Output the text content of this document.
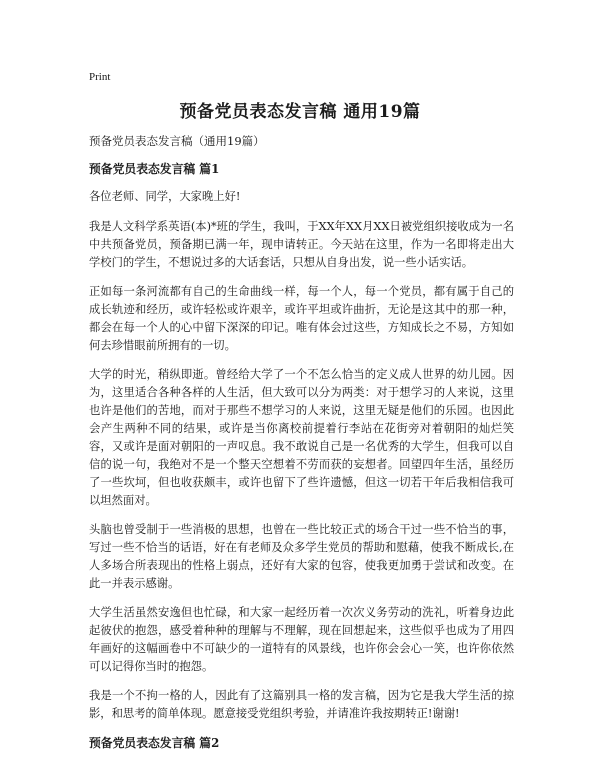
Print
预备党员表态发言稿 通用19篇
预备党员表态发言稿（通用19篇）
预备党员表态发言稿 篇1

各位老师、同学，大家晚上好!

我是人文科学系英语(本)*班的学生，我叫，于XX年XX月XX日被党组织接收成为一名中共预备党员，预备期已满一年，现申请转正。今天站在这里，作为一名即将走出大学校门的学生，不想说过多的大话套话，只想从自身出发，说一些小话实话。

正如每一条河流都有自己的生命曲线一样，每一个人，每一个党员，都有属于自己的成长轨迹和经历，或许轻松或许艰辛，或许平坦或许曲折，无论是这其中的那一种，都会在每一个人的心中留下深深的印记。唯有体会过这些，方知成长之不易，方知如何去珍惜眼前所拥有的一切。

大学的时光，稍纵即逝。曾经给大学了一个不怎么恰当的定义成人世界的幼儿园。因为，这里适合各种各样的人生活，但大致可以分为两类：对于想学习的人来说，这里也许是他们的苦地，而对于那些不想学习的人来说，这里无疑是他们的乐园。也因此会产生两种不同的结果，或许是当你离校前提着行李站在花街旁对着朝阳的灿烂笑容，又或许是面对朝阳的一声叹息。我不敢说自己是一名优秀的大学生，但我可以自信的说一句，我绝对不是一个整天空想着不劳而获的妄想者。回望四年生活，虽经历了一些坎坷，但也收获颇丰，或许也留下了些许遗憾，但这一切若干年后我相信我可以坦然面对。

头脑也曾受制于一些消极的思想，也曾在一些比较正式的场合干过一些不恰当的事，写过一些不恰当的话语，好在有老师及众多学生党员的帮助和慰藉，使我不断成长,在人多场合所表现出的性格上弱点，还好有大家的包容，使我更加勇于尝试和改变。在此一并表示感谢。

大学生活虽然安逸但也忙碌，和大家一起经历着一次次义务劳动的洗礼，听着身边此起彼伏的抱怨，感受着种种的理解与不理解，现在回想起来，这些似乎也成为了用四年画好的这幅画卷中不可缺少的一道特有的风景线，也许你会会心一笑，也许你依然可以记得你当时的抱怨。

我是一个不拘一格的人，因此有了这篇别具一格的发言稿，因为它是我大学生活的掠影，和思考的简单体现。愿意接受党组织考验，并请准许我按期转正!谢谢!

预备党员表态发言稿 篇2
